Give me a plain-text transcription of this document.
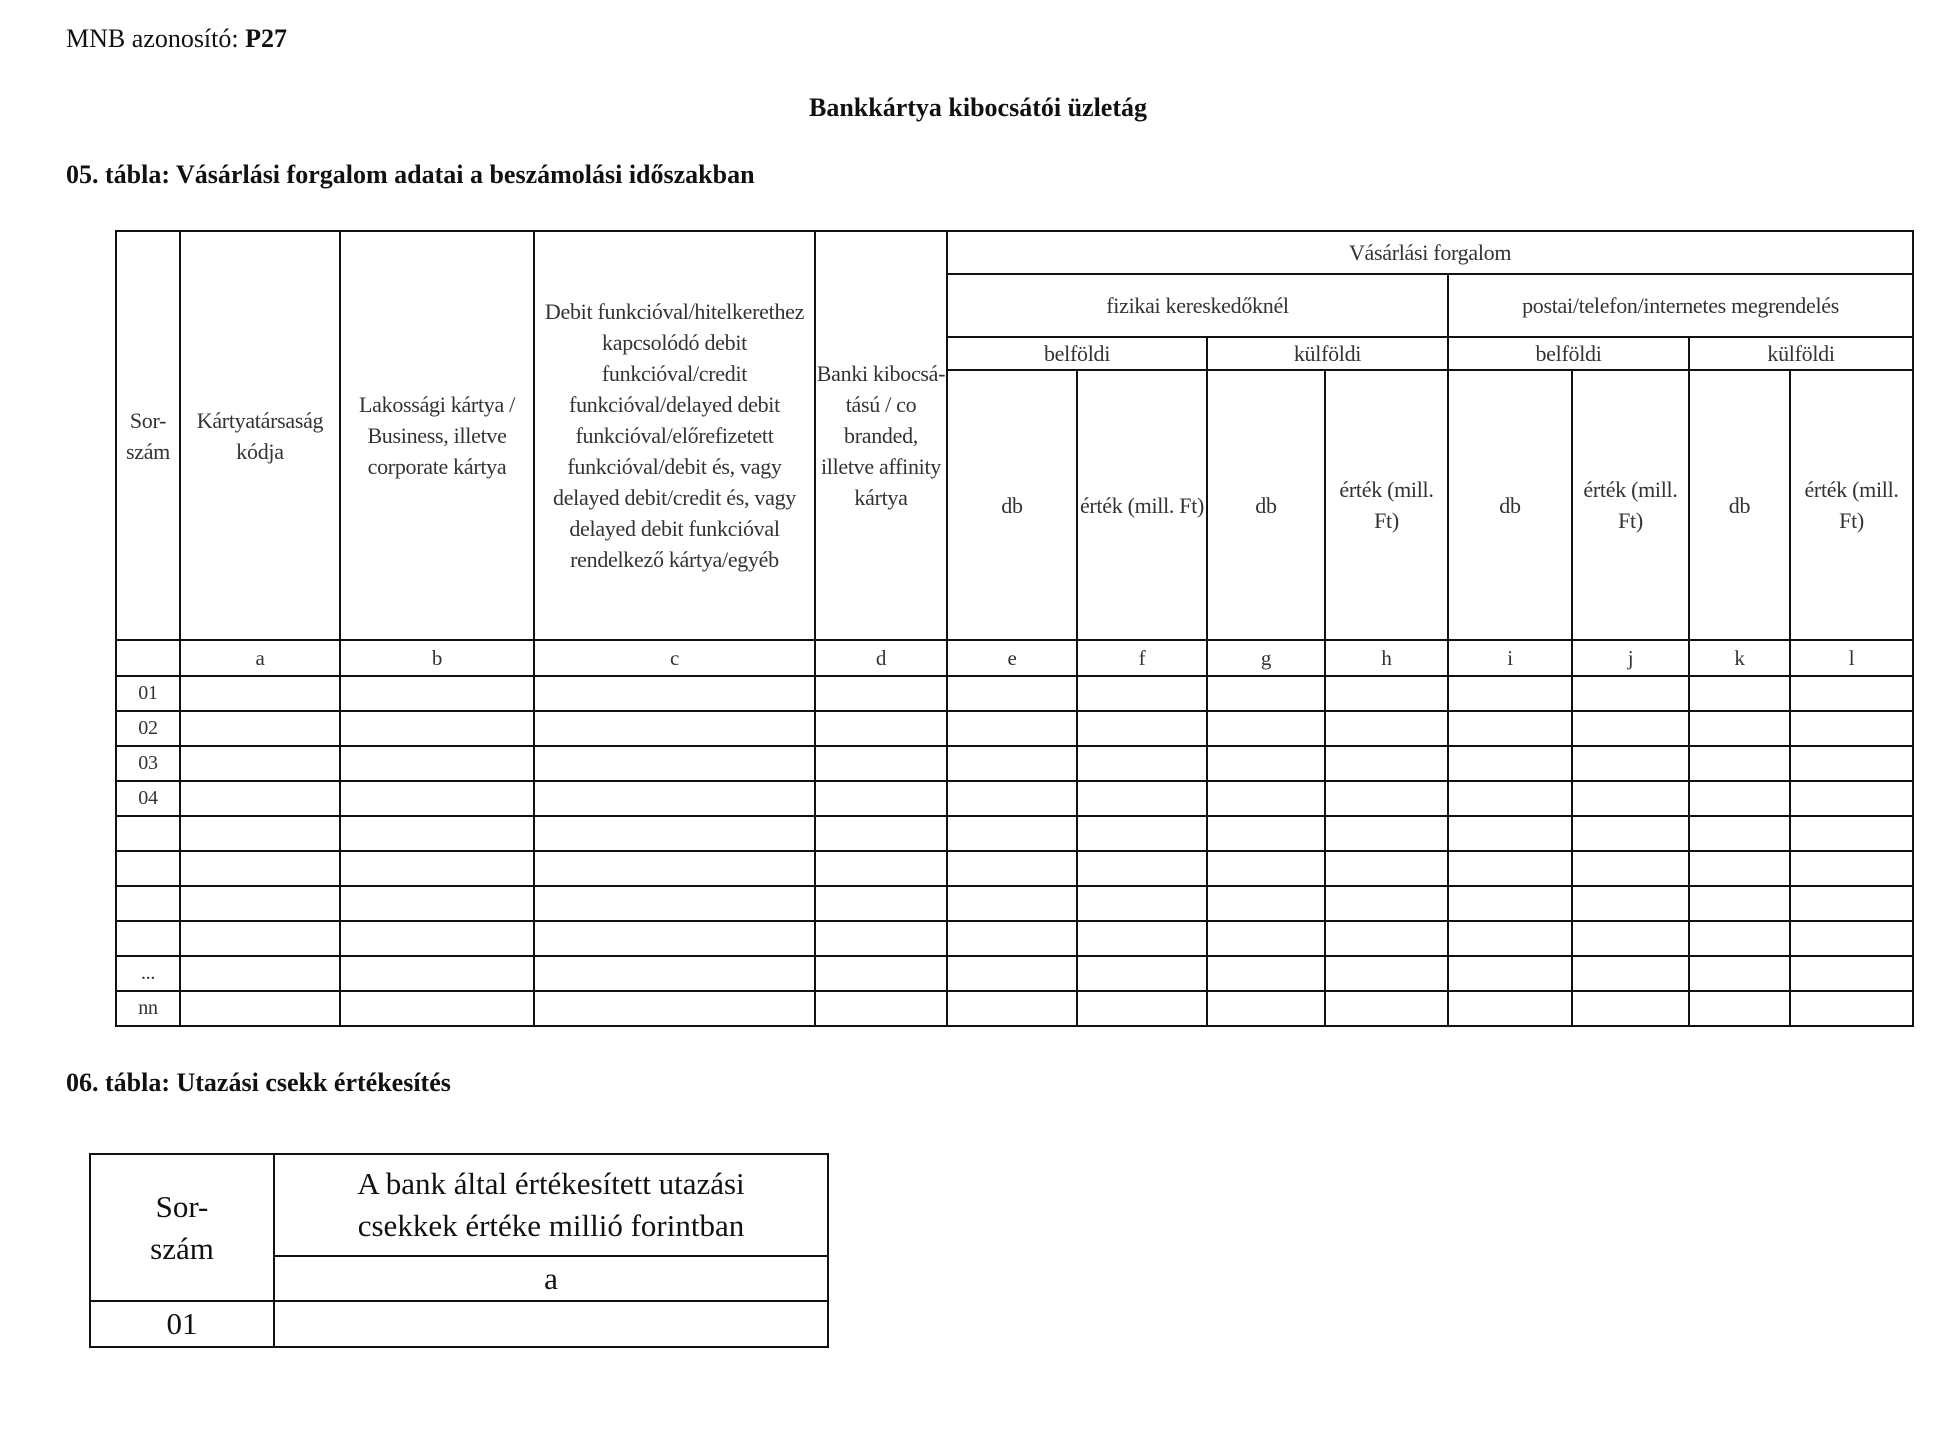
MNB azonosító: P27
Bankkártya kibocsátói üzletág
05. tábla: Vásárlási forgalom adatai a beszámolási időszakban
Sor-szám	Kártyatársaság kódja	Lakossági kártya / Business, illetve corporate kártya	Debit funkcióval/hitelkerethez kapcsolódó debit funkcióval/credit funkcióval/delayed debit funkcióval/előrefizetett funkcióval/debit és, vagy delayed debit/credit és, vagy delayed debit funkcióval rendelkező kártya/egyéb	Banki kibocsá-tású / co branded, illetve affinity kártya	Vásárlási forgalom							
					fizikai kereskedőknél				postai/telefon/internetes megrendelés			
					belföldi		külföldi		belföldi		külföldi	
					db	érték (mill. Ft)	db	érték (mill. Ft)	db	érték (mill. Ft)	db	érték (mill. Ft)
	a	b	c	d	e	f	g	h	i	j	k	l
01												
02												
03												
04												

...												
nn												
06. tábla: Utazási csekk értékesítés
Sor-szám	A bank által értékesített utazási csekkek értéke millió forintban
	a
01	
